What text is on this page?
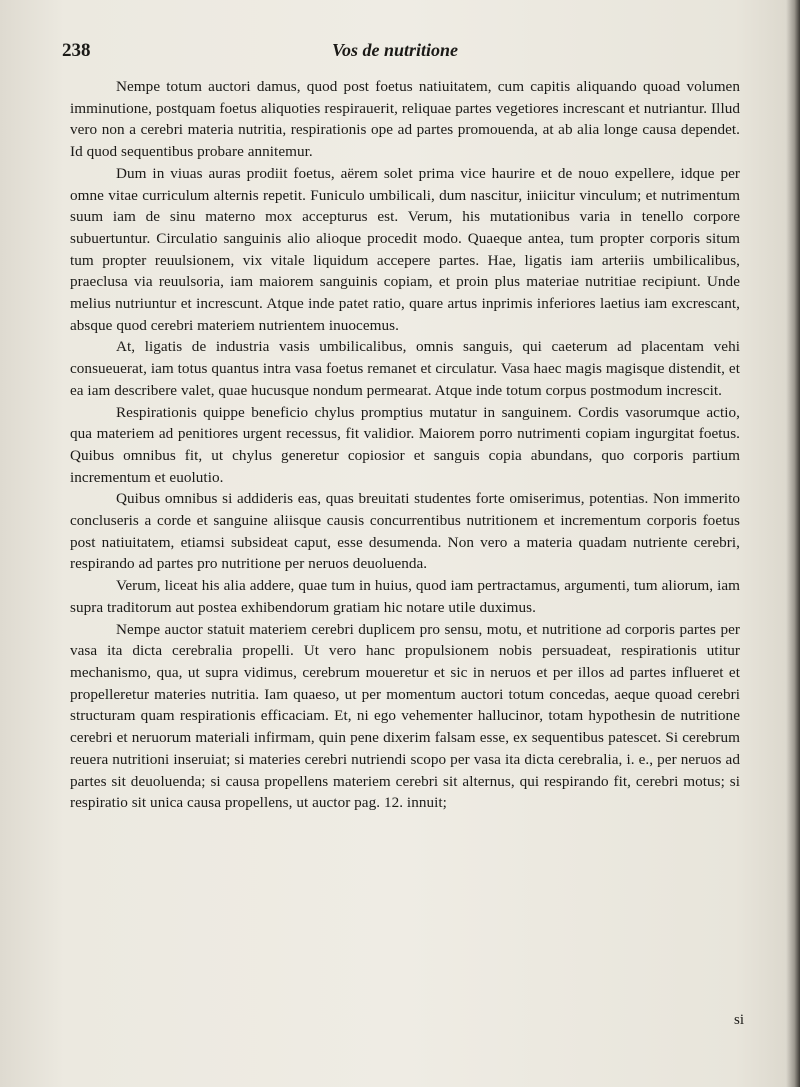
238	Vos de nutritione

Nempe totum auctori damus, quod post foetus natiuitatem, cum capitis aliquando quoad volumen imminutione, postquam foetus aliquoties respirauerit, reliquae partes vegetiores increscant et nutriantur. Illud vero non a cerebri materia nutritia, respirationis ope ad partes promouenda, at ab alia longe causa dependet. Id quod sequentibus probare annitemur.

Dum in viuas auras prodiit foetus, aërem solet prima vice haurire et de nouo expellere, idque per omne vitae curriculum alternis repetit. Funiculo umbilicali, dum nascitur, iniicitur vinculum; et nutrimentum suum iam de sinu materno mox accepturus est. Verum, his mutationibus varia in tenello corpore subuertuntur. Circulatio sanguinis alio alioque procedit modo. Quaeque antea, tum propter corporis situm tum propter reuulsionem, vix vitale liquidum accepere partes. Hae, ligatis iam arteriis umbilicalibus, praeclusa via reuulsoria, iam maiorem sanguinis copiam, et proin plus materiae nutritiae recipiunt. Unde melius nutriuntur et increscunt. Atque inde patet ratio, quare artus inprimis inferiores laetius iam excrescant, absque quod cerebri materiem nutrientem inuocemus.

At, ligatis de industria vasis umbilicalibus, omnis sanguis, qui caeterum ad placentam vehi consueuerat, iam totus quantus intra vasa foetus remanet et circulatur. Vasa haec magis magisque distendit, et ea iam describere valet, quae hucusque nondum permearat. Atque inde totum corpus postmodum increscit.

Respirationis quippe beneficio chylus promptius mutatur in sanguinem. Cordis vasorumque actio, qua materiem ad penitiores urgent recessus, fit validior. Maiorem porro nutrimenti copiam ingurgitat foetus. Quibus omnibus fit, ut chylus generetur copiosior et sanguis copia abundans, quo corporis partium incrementum et euolutio.

Quibus omnibus si addideris eas, quas breuitati studentes forte omiserimus, potentias. Non immerito concluseris a corde et sanguine aliisque causis concurrentibus nutritionem et incrementum corporis foetus post natiuitatem, etiamsi subsideat caput, esse desumenda. Non vero a materia quadam nutriente cerebri, respirando ad partes pro nutritione per neruos deuoluenda.

Verum, liceat his alia addere, quae tum in huius, quod iam pertractamus, argumenti, tum aliorum, iam supra traditorum aut postea exhibendorum gratiam hic notare utile duximus.

Nempe auctor statuit materiem cerebri duplicem pro sensu, motu, et nutritione ad corporis partes per vasa ita dicta cerebralia propelli. Ut vero hanc propulsionem nobis persuadeat, respirationis utitur mechanismo, qua, ut supra vidimus, cerebrum moueretur et sic in neruos et per illos ad partes influeret et propelleretur materies nutritia. Iam quaeso, ut per momentum auctori totum concedas, aeque quoad cerebri structuram quam respirationis efficaciam. Et, ni ego vehementer hallucinor, totam hypothesin de nutritione cerebri et neruorum materiali infirmam, quin pene dixerim falsam esse, ex sequentibus patescet. Si cerebrum reuera nutritioni inseruiat; si materies cerebri nutriendi scopo per vasa ita dicta cerebralia, i. e., per neruos ad partes sit deuoluenda; si causa propellens materiem cerebri sit alternus, qui respirando fit, cerebri motus; si respiratio sit unica causa propellens, ut auctor pag. 12. innuit;

si
